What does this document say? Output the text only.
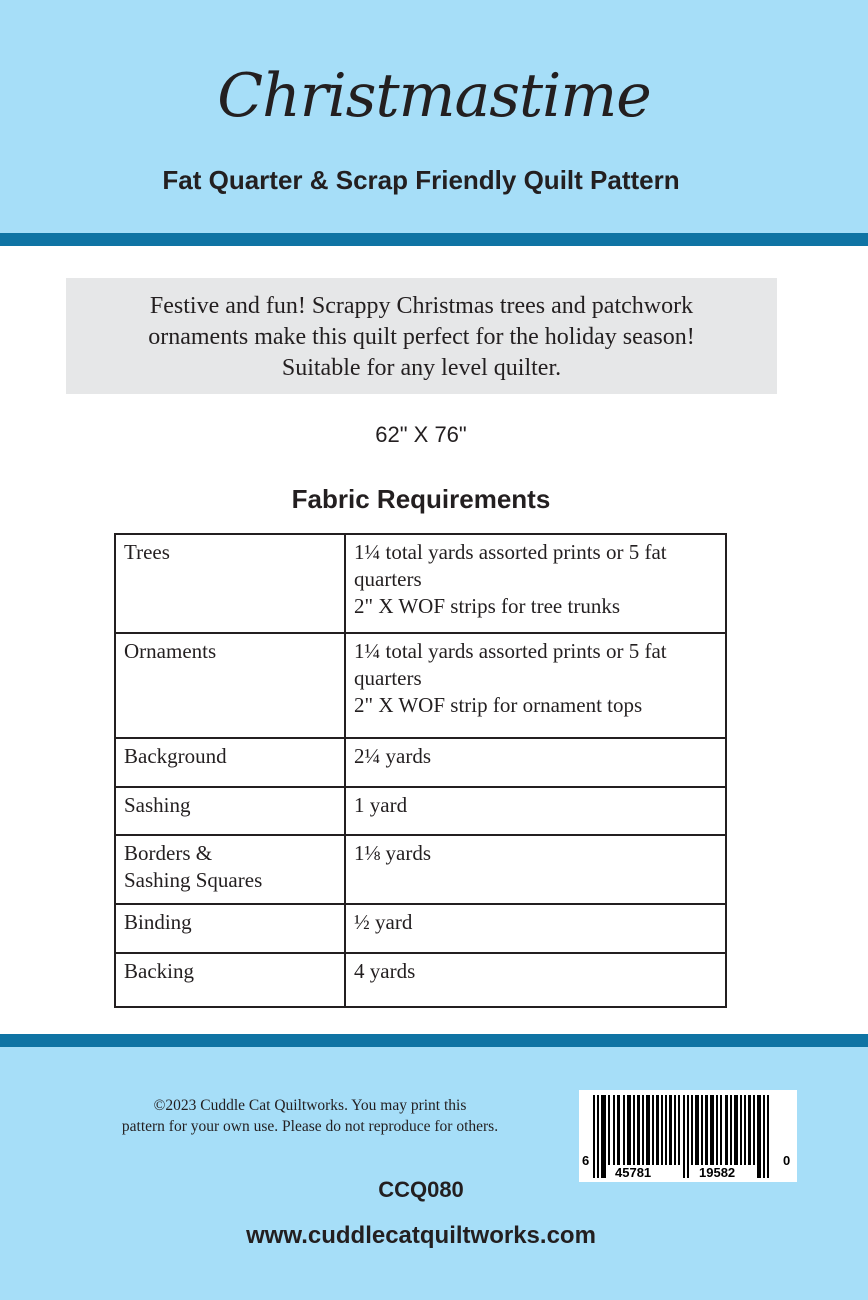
Christmastime
Fat Quarter & Scrap Friendly Quilt Pattern
Festive and fun! Scrappy Christmas trees and patchwork
ornaments make this quilt perfect for the holiday season!
Suitable for any level quilter.
62" X 76"
Fabric Requirements
Trees	1¼ total yards assorted prints or 5 fat
quarters
2" X WOF strips for tree trunks

Ornaments	1¼ total yards assorted prints or 5 fat
quarters
2" X WOF strip for ornament tops

Background	2¼ yards

Sashing	1 yard

Borders &
Sashing Squares	1⅛ yards

Binding	½ yard

Backing	4 yards
©2023 Cuddle Cat Quiltworks. You may print this
pattern for your own use. Please do not reproduce for others.
6
45781	19582
0
CCQ080
www.cuddlecatquiltworks.com
